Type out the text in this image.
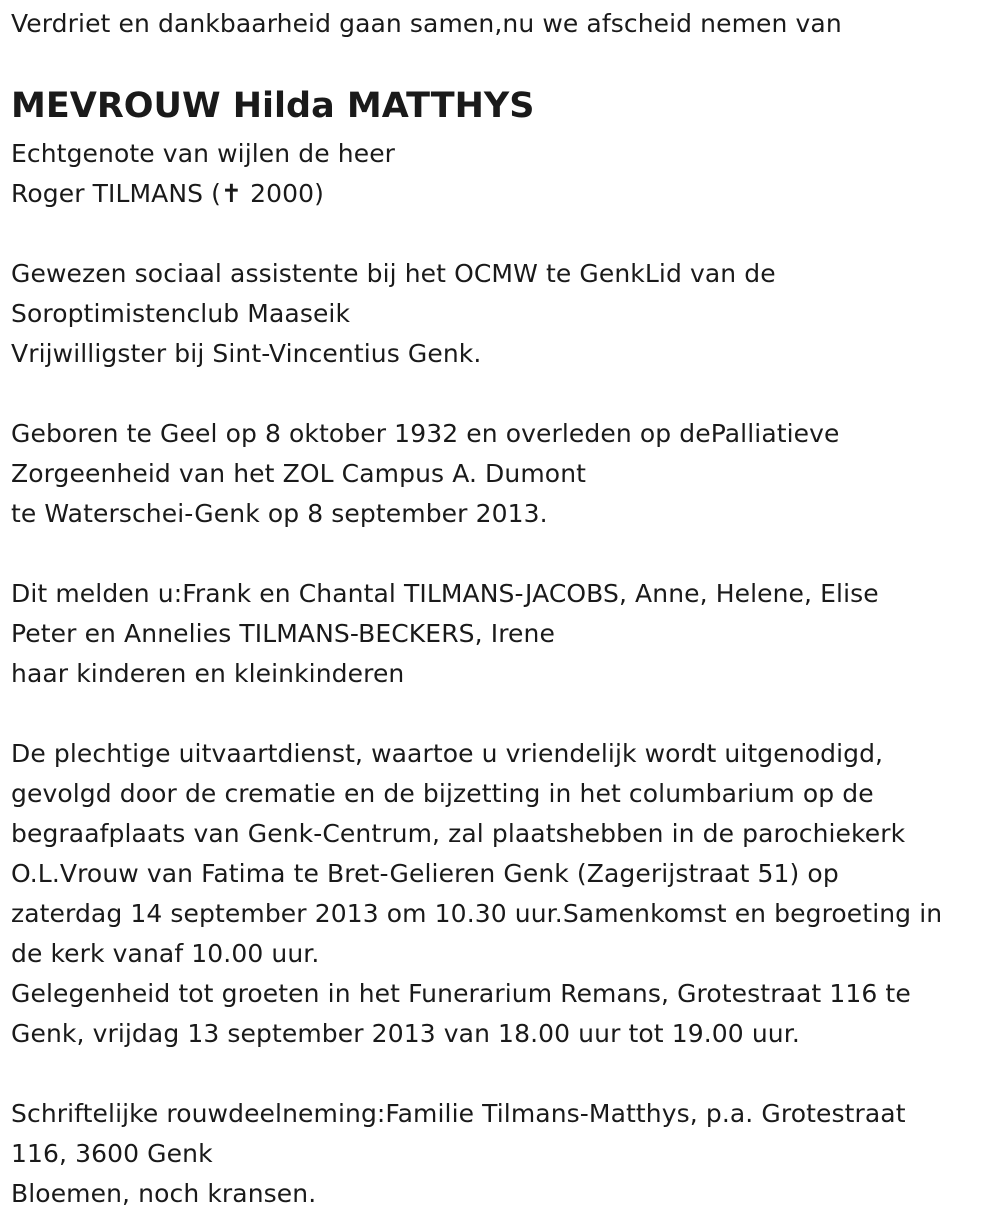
Verdriet en dankbaarheid gaan samen,nu we afscheid nemen van
MEVROUW Hilda MATTHYS
Echtgenote van wijlen de heer
Roger TILMANS (✝ 2000)
Gewezen sociaal assistente bij het OCMW te GenkLid van de
Soroptimistenclub Maaseik
Vrijwilligster bij Sint-Vincentius Genk.
Geboren te Geel op 8 oktober 1932 en overleden op dePalliatieve
Zorgeenheid van het ZOL Campus A. Dumont
te Waterschei-Genk op 8 september 2013.
Dit melden u:Frank en Chantal TILMANS-JACOBS, Anne, Helene, Elise
Peter en Annelies TILMANS-BECKERS, Irene
haar kinderen en kleinkinderen
De plechtige uitvaartdienst, waartoe u vriendelijk wordt uitgenodigd,
gevolgd door de crematie en de bijzetting in het columbarium op de
begraafplaats van Genk-Centrum, zal plaatshebben in de parochiekerk
O.L.Vrouw van Fatima te Bret-Gelieren Genk (Zagerijstraat 51) op
zaterdag 14 september 2013 om 10.30 uur.Samenkomst en begroeting in
de kerk vanaf 10.00 uur.
Gelegenheid tot groeten in het Funerarium Remans, Grotestraat 116 te
Genk, vrijdag 13 september 2013 van 18.00 uur tot 19.00 uur.
Schriftelijke rouwdeelneming:Familie Tilmans-Matthys, p.a. Grotestraat
116, 3600 Genk
Bloemen, noch kransen.
